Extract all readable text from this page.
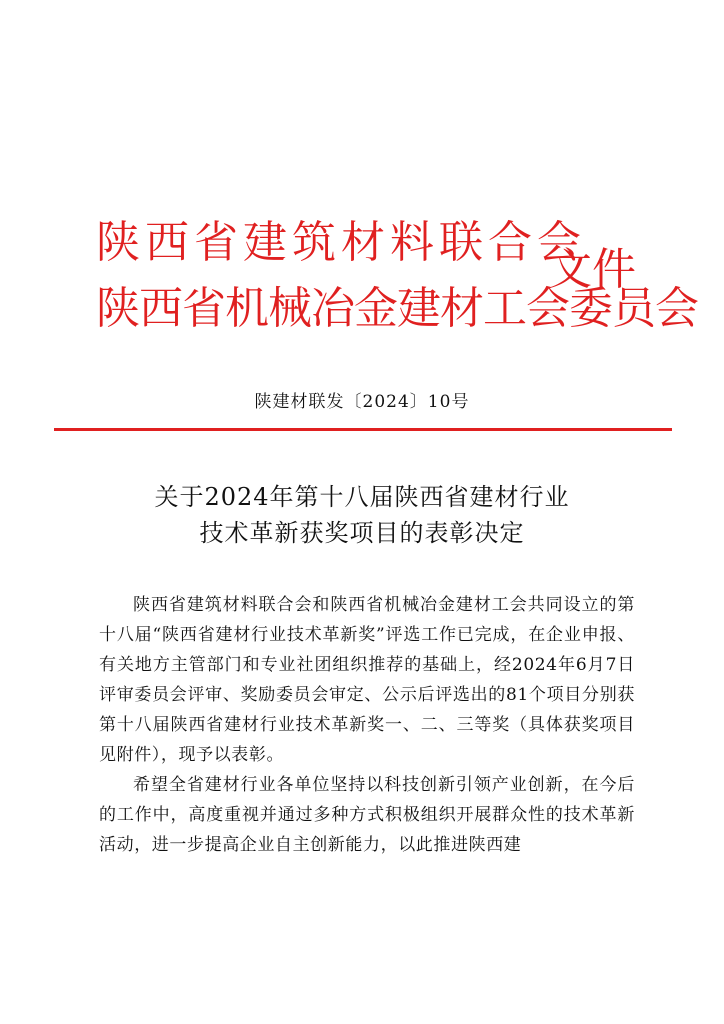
陕西省建筑材料联合会
陕西省机械冶金建材工会委员会
文件
陕建材联发〔2024〕10号
关于2024年第十八届陕西省建材行业
技术革新获奖项目的表彰决定

陕西省建筑材料联合会和陕西省机械冶金建材工会共同设立的第十八届“陕西省建材行业技术革新奖”评选工作已完成，在企业申报、有关地方主管部门和专业社团组织推荐的基础上，经2024年6月7日评审委员会评审、奖励委员会审定、公示后评选出的81个项目分别获第十八届陕西省建材行业技术革新奖一、二、三等奖（具体获奖项目见附件），现予以表彰。

希望全省建材行业各单位坚持以科技创新引领产业创新，在今后的工作中，高度重视并通过多种方式积极组织开展群众性的技术革新活动，进一步提高企业自主创新能力，以此推进陕西建
